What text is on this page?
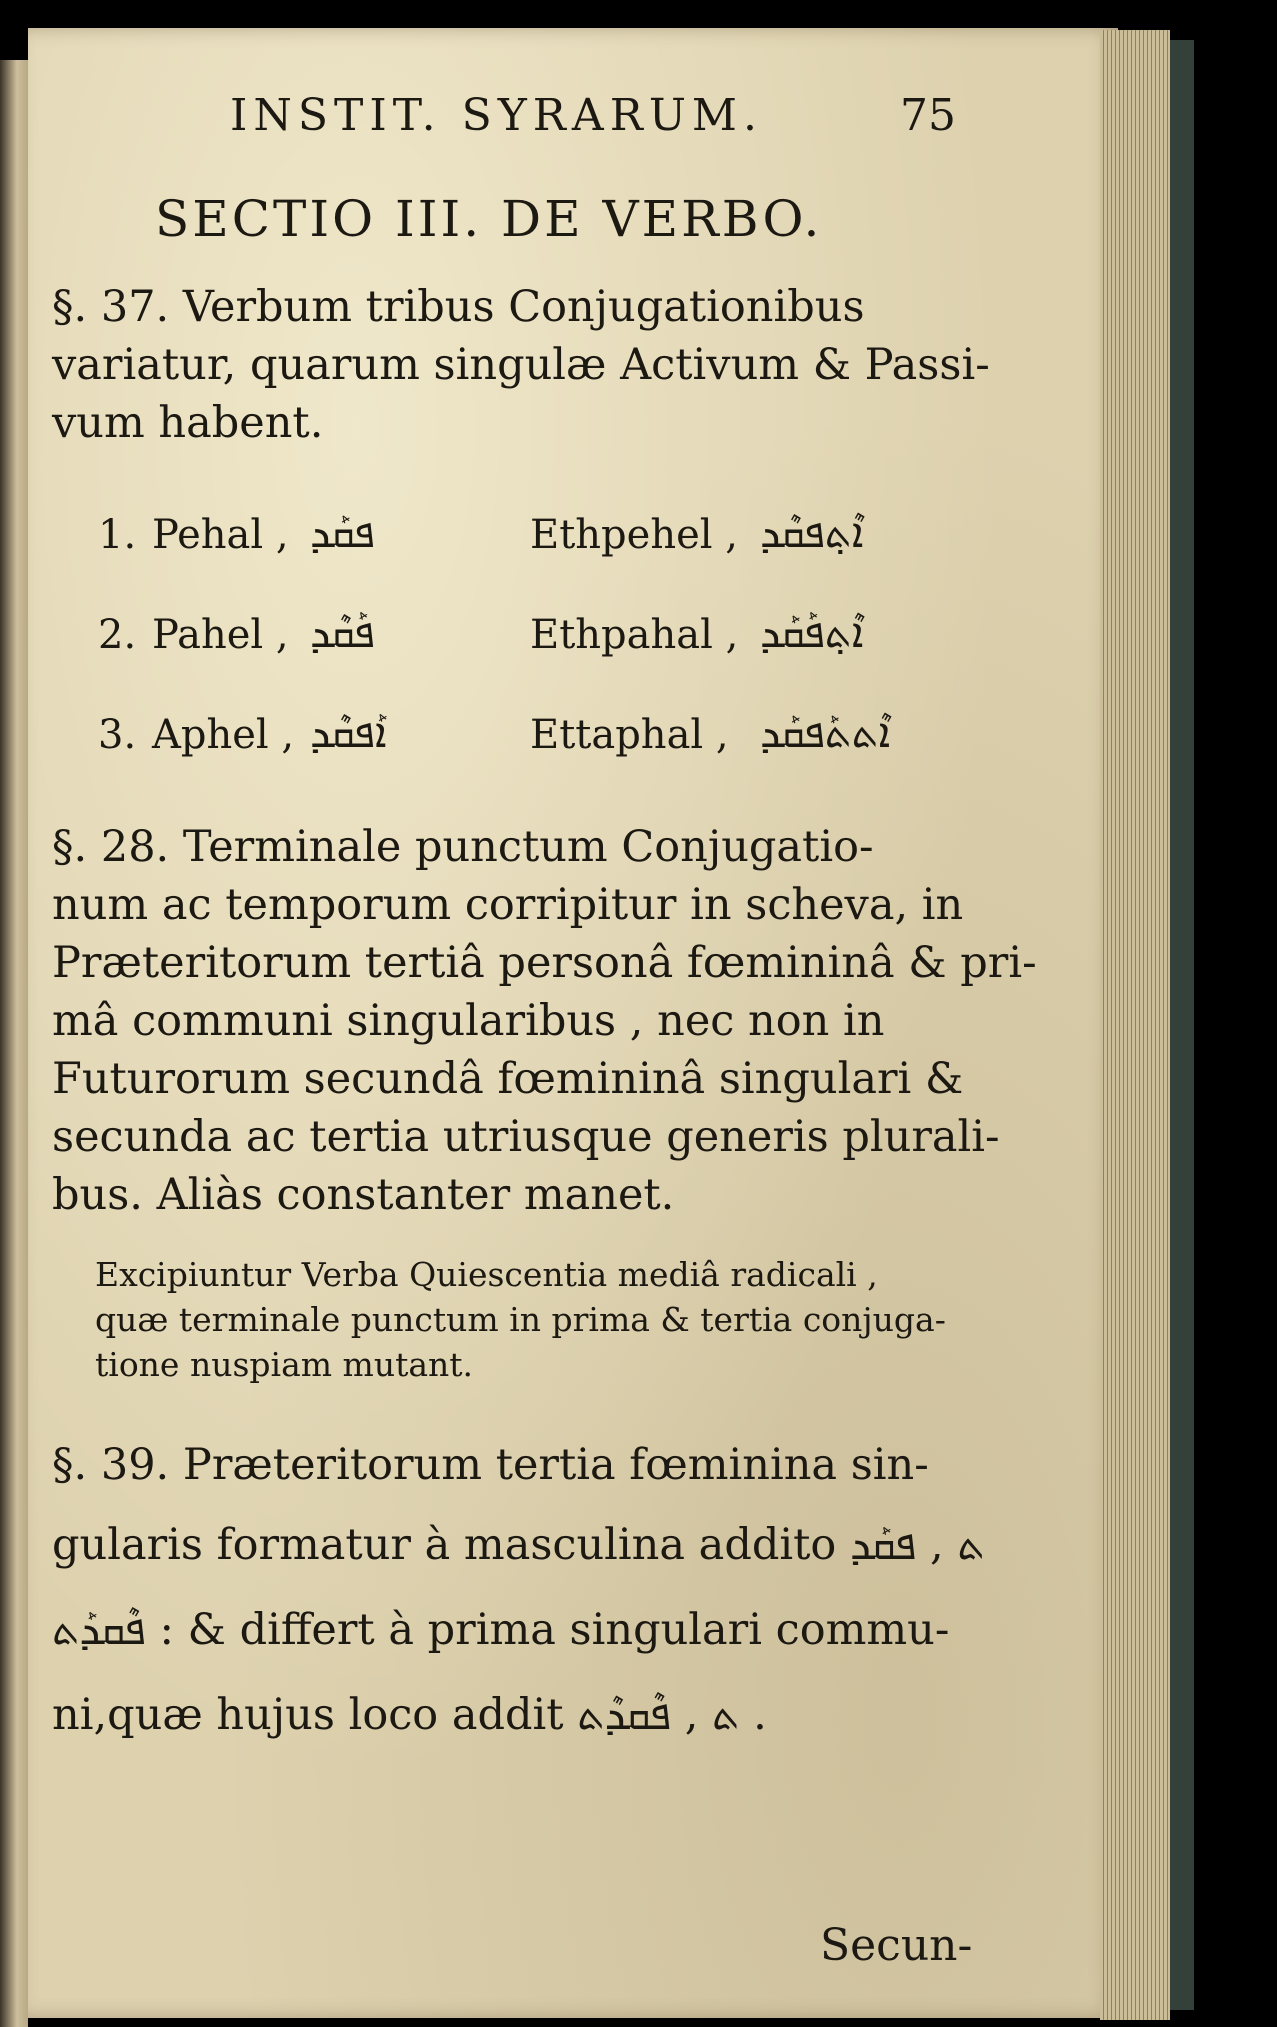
INSTIT. SYRARUM.	75

SECTIO III. DE VERBO.

§. 37. Verbum tribus Conjugationibus

variatur, quarum singulæ Activum & Passi-

vum habent.

1. Pehal , ܦܩܰܕ	Ethpehel , ܐܶܬ݂ܦܩܶܕ
2. Pahel , ܦܰܩܶܕ	Ethpahal , ܐܶܬ݂ܦܰܩܰܕ
3. Aphel , ܐܰܦܩܶܕ	Ettaphal , ܐܶܬܬܰܦܩܰܕ

§. 28. Terminale punctum Conjugatio-

num ac temporum corripitur in scheva, in

Præteritorum tertiâ personâ fœmininâ & pri-

mâ communi singularibus , nec non in

Futurorum secundâ fœmininâ singulari &

secunda ac tertia utriusque generis plurali-

bus. Aliàs constanter manet.

Excipiuntur Verba Quiescentia mediâ radicali ,

quæ terminale punctum in prima & tertia conjuga-

tione nuspiam mutant.

§. 39. Præteritorum tertia fœminina sin-

gularis formatur à masculina addito ܬ , ܦܩܰܕ

ܦܶܩܕܰܬ : & differt à prima singulari commu-

ni,quæ hujus loco addit ܬ , ܦܶܩܕܶܬ .

Secun-
